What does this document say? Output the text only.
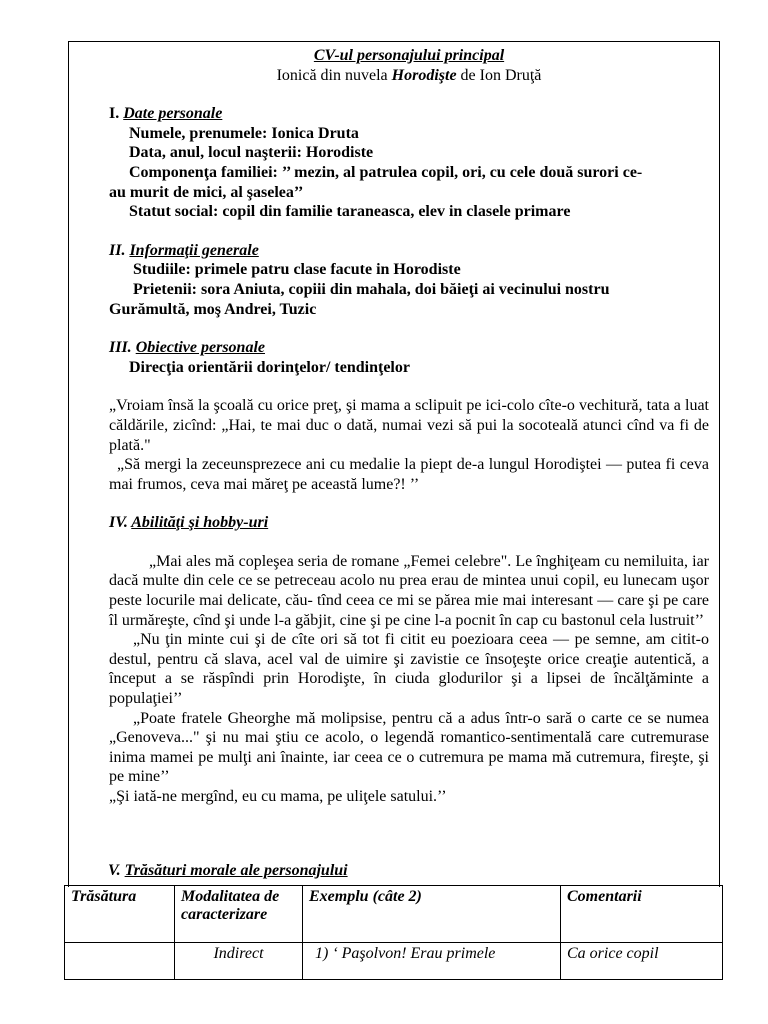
CV-ul personajului principal

Ionică din nuvela Horodişte de Ion Druţă

I. Date personale

Numele, prenumele: Ionica Druta

Data, anul, locul naşterii: Horodiste

Componenţa familiei: ’’ mezin, al patrulea copil, ori, cu cele două surori ce-

au murit de mici, al şaselea’’

Statut social: copil din familie taraneasca, elev in clasele primare

II. Informaţii generale

Studiile: primele patru clase facute in Horodiste

Prietenii: sora Aniuta, copiii din mahala, doi băieţi ai vecinului nostru

Gurămultă, moş Andrei, Tuzic

III. Obiective personale

Direcţia orientării dorinţelor/ tendinţelor

„Vroiam însă la şcoală cu orice preţ, şi mama a sclipuit pe ici-colo cîte-o vechitură, tata a luat căldările, zicînd: „Hai, te mai duc o dată, numai vezi să pui la socoteală atunci cînd va fi de plată."

„Să mergi la zeceunsprezece ani cu medalie la piept de-a lungul Horodiştei — putea fi ceva mai frumos, ceva mai măreţ pe această lume?! ’’

IV. Abilităţi şi hobby-uri

„Mai ales mă copleşea seria de romane „Femei celebre". Le înghiţeam cu nemiluita, iar dacă multe din cele ce se petreceau acolo nu prea erau de mintea unui copil, eu lunecam uşor peste locurile mai delicate, cău- tînd ceea ce mi se părea mie mai interesant — care şi pe care îl urmăreşte, cînd şi unde l-a găbjit, cine şi pe cine l-a pocnit în cap cu bastonul cela lustruit’’

„Nu ţin minte cui şi de cîte ori să tot fi citit eu poezioara ceea — pe semne, am citit-o destul, pentru că slava, acel val de uimire şi zavistie ce însoţeşte orice creaţie autentică, a început a se răspîndi prin Horodişte, în ciuda glodurilor şi a lipsei de încălţăminte a populaţiei’’

„Poate fratele Gheorghe mă molipsise, pentru că a adus într-o sară o carte ce se numea „Genoveva..." şi nu mai ştiu ce acolo, o legendă romantico-sentimentală care cutremurase inima mamei pe mulţi ani înainte, iar ceea ce o cutremura pe mama mă cutremura, fireşte, şi pe mine’’

„Şi iată-ne mergînd, eu cu mama, pe uliţele satului.’’

V. Trăsături morale ale personajului
Trăsătura	Modalitatea de caracterizare	Exemplu (câte 2)	Comentarii
	Indirect	1) ‘ Paşolvon! Erau primele	Ca orice copil
